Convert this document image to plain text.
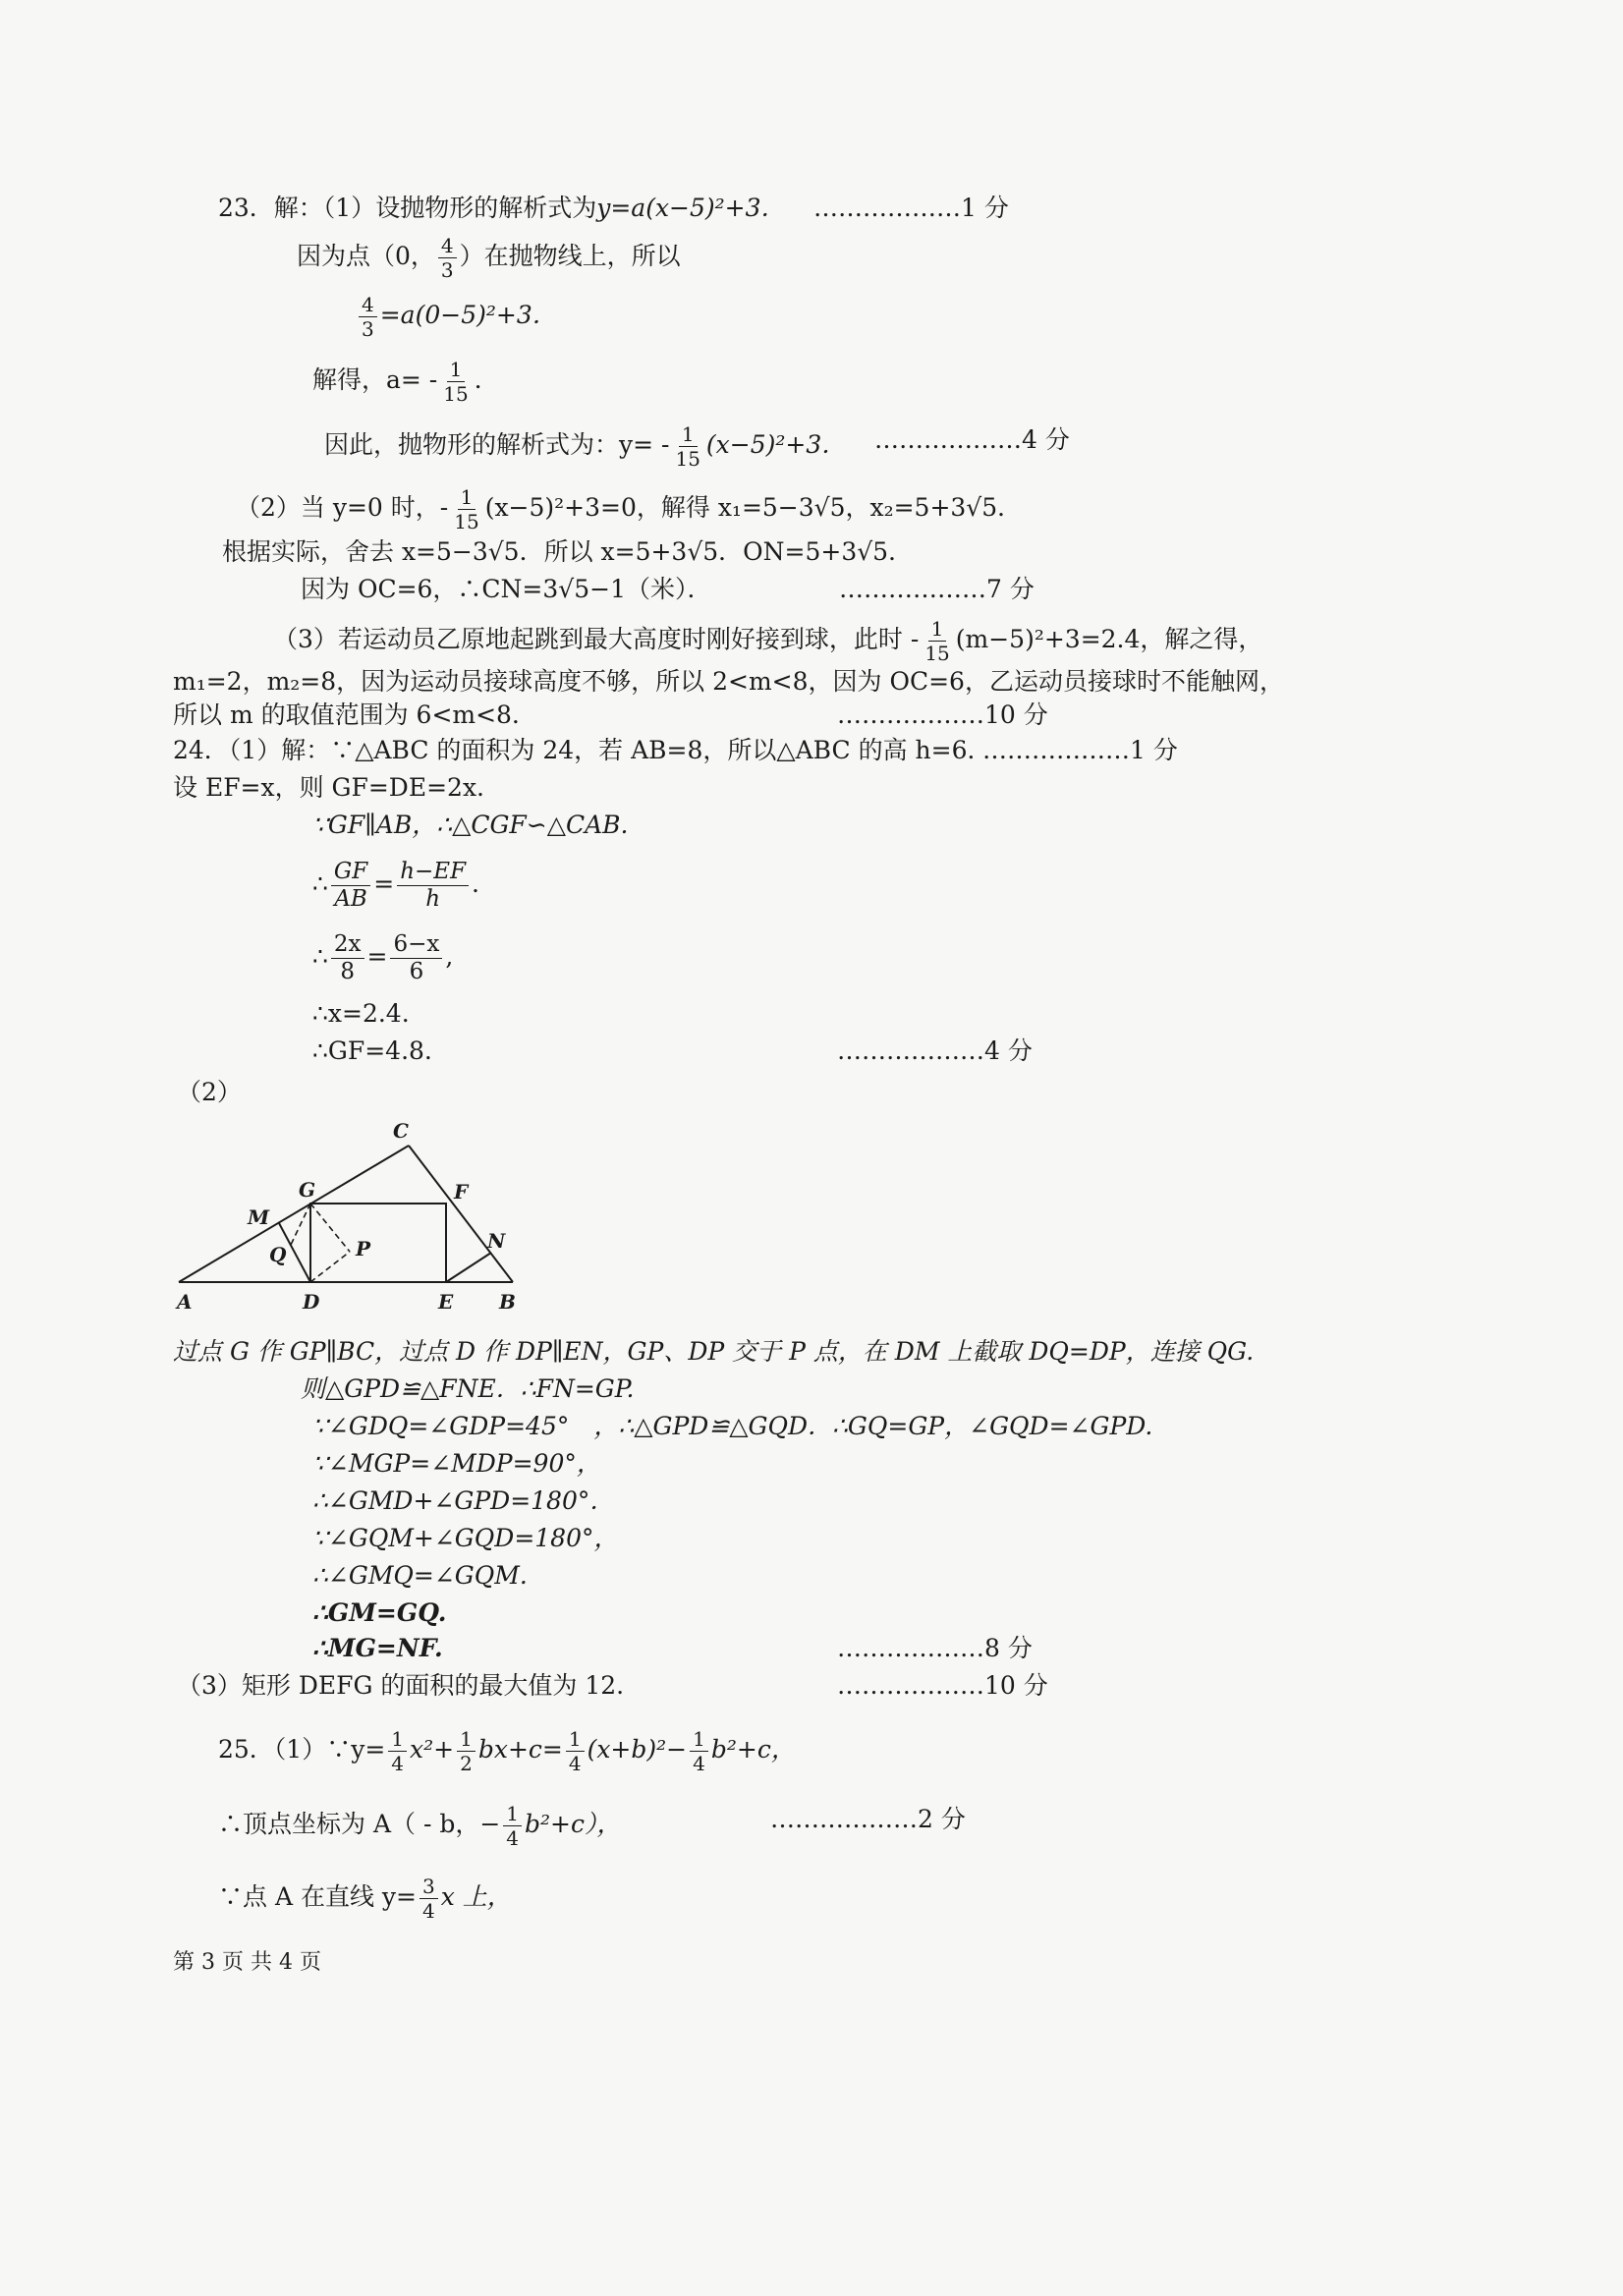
23．解：（1）设抛物形的解析式为y=a(x−5)²+3． ………………1 分
因为点（0， $\frac{4}{3}$ ）在抛物线上，所以
$\frac{4}{3} =a(0-5)^2+3$．
解得，$a= - \frac{1}{15}$ ．
因此，抛物形的解析式为：$y= - \frac{1}{15} (x-5)^2+3$． ………………4 分
（2）当 y=0 时，- $\frac{1}{15} (x-5)^2+3=0$，解得 x₁=5−3√5，x₂=5+3√5．
根据实际，舍去 x=5−3√5．所以 x=5+3√5．ON=5+3√5．
因为 OC=6，∴CN=3√5−1（米）．	………………7 分
（3）若运动员乙原地起跳到最大高度时刚好接到球，此时 - $\frac{1}{15} (m-5)^2+3=2.4$，解之得，
m₁=2，m₂=8，因为运动员接球高度不够，所以 2<m<8，因为 OC=6，乙运动员接球时不能触网，
所以 m 的取值范围为 6<m<8．	………………10 分
24．（1）解：∵△ABC 的面积为 24，若 AB=8，所以△ABC 的高 h=6．
………………1 分
设 EF=x，则 GF=DE=2x.
∵GF∥AB，∴△CGF∽△CAB.
∴ $\frac{GF}{AB} = \frac{h-EF}{h}$ .
∴ $\frac{2x}{8} = \frac{6-x}{6}$ ,
∴x=2.4.
∴GF=4.8.	………………4 分
（2）
C
G	F
M
Q	P	N
A	D	E B
过点 G 作 GP∥BC，过点 D 作 DP∥EN，GP、DP 交于 P 点，在 DM 上截取 DQ=DP，连接 QG.
则△GPD≌△FNE．∴FN=GP.
∵∠GDQ=∠GDP=45°　，∴△GPD≌△GQD．∴GQ=GP，∠GQD=∠GPD.
∵∠MGP=∠MDP=90°，
∴∠GMD+∠GPD=180°．
∵∠GQM+∠GQD=180°，
∴∠GMQ=∠GQM.
∴GM=GQ.
∴MG=NF.	………………8 分
（3）矩形 DEFG 的面积的最大值为 12.	………………10 分
25．（1）∵y= $\frac{1}{4} x^2+ \frac{1}{2} bx+c= \frac{1}{4} (x+b)^2- \frac{1}{4} b^2+c$，
∴顶点坐标为 A（ - b，− $\frac{1}{4} b^2+c$），	………………2 分
∵点 A 在直线 $y= \frac{3}{4}$ x 上，
第 3 页 共 4 页
